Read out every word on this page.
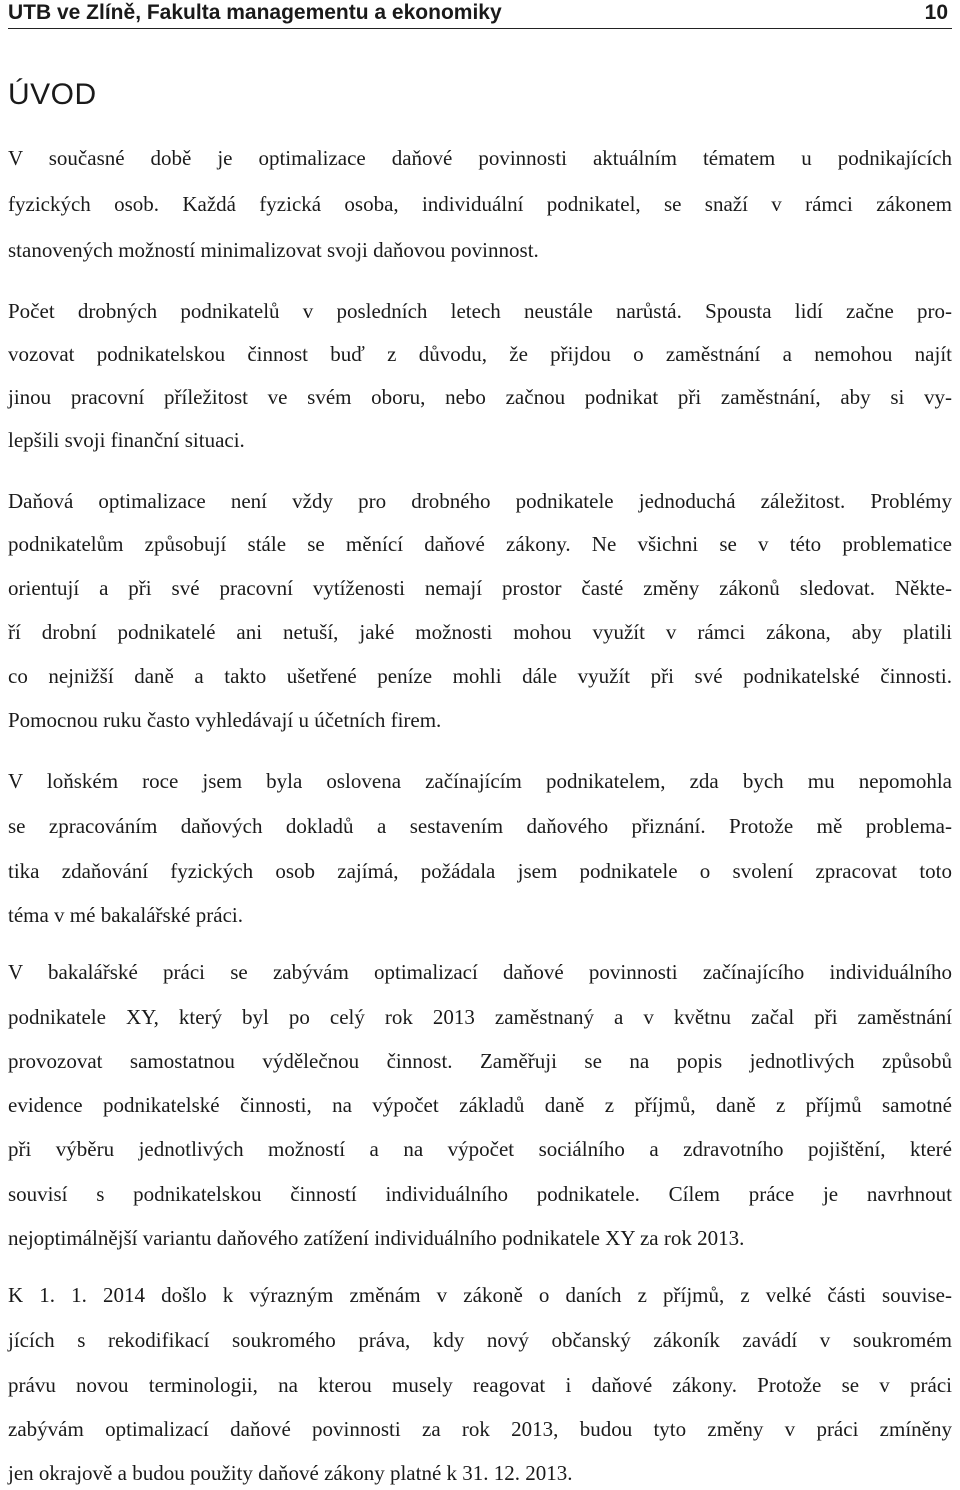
UTB ve Zlíně, Fakulta managementu a ekonomiky	10
ÚVOD
V současné době je optimalizace daňové povinnosti aktuálním tématem u podnikajících
fyzických osob. Každá fyzická osoba, individuální podnikatel, se snaží v rámci zákonem
stanovených možností minimalizovat svoji daňovou povinnost.
Počet drobných podnikatelů v posledních letech neustále narůstá. Spousta lidí začne pro-
vozovat podnikatelskou činnost buď z důvodu, že přijdou o zaměstnání a nemohou najít
jinou pracovní příležitost ve svém oboru, nebo začnou podnikat při zaměstnání, aby si vy-
lepšili svoji finanční situaci.
Daňová optimalizace není vždy pro drobného podnikatele jednoduchá záležitost. Problémy
podnikatelům způsobují stále se měnící daňové zákony. Ne všichni se v této problematice
orientují a při své pracovní vytíženosti nemají prostor časté změny zákonů sledovat. Někte-
ří drobní podnikatelé ani netuší, jaké možnosti mohou využít v rámci zákona, aby platili
co nejnižší daně a takto ušetřené peníze mohli dále využít při své podnikatelské činnosti.
Pomocnou ruku často vyhledávají u účetních firem.
V loňském roce jsem byla oslovena začínajícím podnikatelem, zda bych mu nepomohla
se zpracováním daňových dokladů a sestavením daňového přiznání. Protože mě problema-
tika zdaňování fyzických osob zajímá, požádala jsem podnikatele o svolení zpracovat toto
téma v mé bakalářské práci.
V bakalářské práci se zabývám optimalizací daňové povinnosti začínajícího individuálního
podnikatele XY, který byl po celý rok 2013 zaměstnaný a v květnu začal při zaměstnání
provozovat samostatnou výdělečnou činnost. Zaměřuji se na popis jednotlivých způsobů
evidence podnikatelské činnosti, na výpočet základů daně z příjmů, daně z příjmů samotné
při výběru jednotlivých možností a na výpočet sociálního a zdravotního pojištění, které
souvisí s podnikatelskou činností individuálního podnikatele. Cílem práce je navrhnout
nejoptimálnější variantu daňového zatížení individuálního podnikatele XY za rok 2013.
K 1. 1. 2014 došlo k výrazným změnám v zákoně o daních z příjmů, z velké části souvise-
jících s rekodifikací soukromého práva, kdy nový občanský zákoník zavádí v soukromém
právu novou terminologii, na kterou musely reagovat i daňové zákony. Protože se v práci
zabývám optimalizací daňové povinnosti za rok 2013, budou tyto změny v práci zmíněny
jen okrajově a budou použity daňové zákony platné k 31. 12. 2013.
